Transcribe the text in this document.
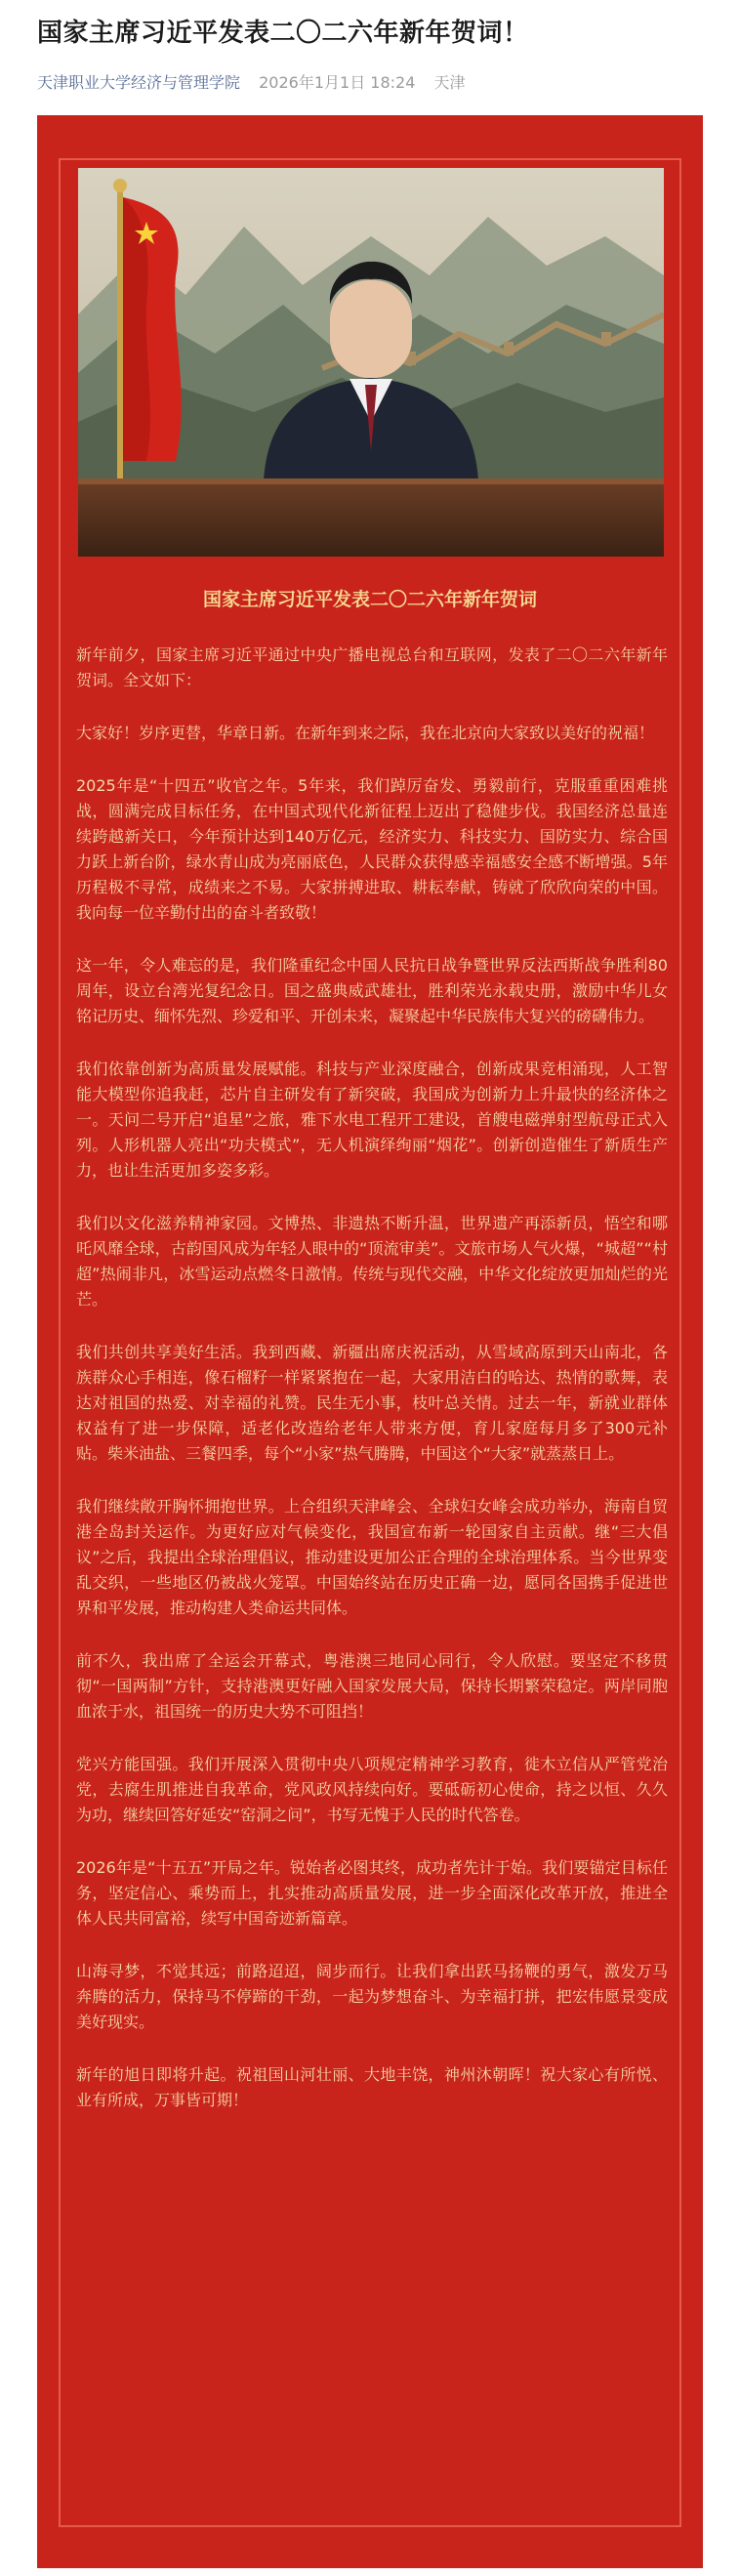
国家主席习近平发表二〇二六年新年贺词！
天津职业大学经济与管理学院 2026年1月1日 18:24 天津
国家主席习近平发表二〇二六年新年贺词

新年前夕，国家主席习近平通过中央广播电视总台和互联网，发表了二〇二六年新年贺词。全文如下：

大家好！岁序更替，华章日新。在新年到来之际，我在北京向大家致以美好的祝福！

2025年是“十四五”收官之年。5年来，我们踔厉奋发、勇毅前行，克服重重困难挑战，圆满完成目标任务，在中国式现代化新征程上迈出了稳健步伐。我国经济总量连续跨越新关口，今年预计达到140万亿元，经济实力、科技实力、国防实力、综合国力跃上新台阶，绿水青山成为亮丽底色，人民群众获得感幸福感安全感不断增强。5年历程极不寻常，成绩来之不易。大家拼搏进取、耕耘奉献，铸就了欣欣向荣的中国。我向每一位辛勤付出的奋斗者致敬！

这一年，令人难忘的是，我们隆重纪念中国人民抗日战争暨世界反法西斯战争胜利80周年，设立台湾光复纪念日。国之盛典威武雄壮，胜利荣光永载史册，激励中华儿女铭记历史、缅怀先烈、珍爱和平、开创未来，凝聚起中华民族伟大复兴的磅礴伟力。

我们依靠创新为高质量发展赋能。科技与产业深度融合，创新成果竞相涌现，人工智能大模型你追我赶，芯片自主研发有了新突破，我国成为创新力上升最快的经济体之一。天问二号开启“追星”之旅，雅下水电工程开工建设，首艘电磁弹射型航母正式入列。人形机器人亮出“功夫模式”，无人机演绎绚丽“烟花”。创新创造催生了新质生产力，也让生活更加多姿多彩。

我们以文化滋养精神家园。文博热、非遗热不断升温，世界遗产再添新员，悟空和哪吒风靡全球，古韵国风成为年轻人眼中的“顶流审美”。文旅市场人气火爆，“城超”“村超”热闹非凡，冰雪运动点燃冬日激情。传统与现代交融，中华文化绽放更加灿烂的光芒。

我们共创共享美好生活。我到西藏、新疆出席庆祝活动，从雪域高原到天山南北，各族群众心手相连，像石榴籽一样紧紧抱在一起，大家用洁白的哈达、热情的歌舞，表达对祖国的热爱、对幸福的礼赞。民生无小事，枝叶总关情。过去一年，新就业群体权益有了进一步保障，适老化改造给老年人带来方便，育儿家庭每月多了300元补贴。柴米油盐、三餐四季，每个“小家”热气腾腾，中国这个“大家”就蒸蒸日上。

我们继续敞开胸怀拥抱世界。上合组织天津峰会、全球妇女峰会成功举办，海南自贸港全岛封关运作。为更好应对气候变化，我国宣布新一轮国家自主贡献。继“三大倡议”之后，我提出全球治理倡议，推动建设更加公正合理的全球治理体系。当今世界变乱交织，一些地区仍被战火笼罩。中国始终站在历史正确一边，愿同各国携手促进世界和平发展，推动构建人类命运共同体。

前不久，我出席了全运会开幕式，粤港澳三地同心同行，令人欣慰。要坚定不移贯彻“一国两制”方针，支持港澳更好融入国家发展大局，保持长期繁荣稳定。两岸同胞血浓于水，祖国统一的历史大势不可阻挡！

党兴方能国强。我们开展深入贯彻中央八项规定精神学习教育，徙木立信从严管党治党，去腐生肌推进自我革命，党风政风持续向好。要砥砺初心使命，持之以恒、久久为功，继续回答好延安“窑洞之问”，书写无愧于人民的时代答卷。

2026年是“十五五”开局之年。锐始者必图其终，成功者先计于始。我们要锚定目标任务，坚定信心、乘势而上，扎实推动高质量发展，进一步全面深化改革开放，推进全体人民共同富裕，续写中国奇迹新篇章。

山海寻梦，不觉其远；前路迢迢，阔步而行。让我们拿出跃马扬鞭的勇气，激发万马奔腾的活力，保持马不停蹄的干劲，一起为梦想奋斗、为幸福打拼，把宏伟愿景变成美好现实。

新年的旭日即将升起。祝祖国山河壮丽、大地丰饶，神州沐朝晖！祝大家心有所悦、业有所成，万事皆可期！
